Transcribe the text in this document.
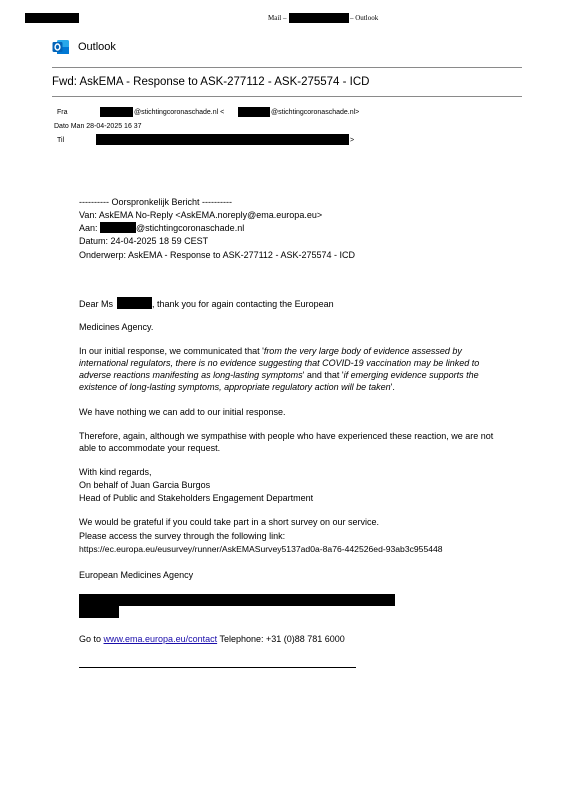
Mail –	– Outlook
Outlook
Fwd: AskEMA - Response to ASK-277112 - ASK-275574 - ICD
Fra	@stichtingcoronaschade.nl <	@stichtingcoronaschade.nl>
Dato Man 28-04-2025 16 37
Til	>
---------- Oorspronkelijk Bericht ----------
Van: AskEMA No-Reply <AskEMA.noreply@ema.europa.eu>
Aan:	@stichtingcoronaschade.nl
Datum: 24-04-2025 18 59 CEST
Onderwerp: AskEMA - Response to ASK-277112 - ASK-275574 - ICD
Dear Ms	, thank you for again contacting the European
Medicines Agency.
In our initial response, we communicated that 'from the very large body of evidence assessed by international regulators, there is no evidence suggesting that COVID-19 vaccination may be linked to adverse reactions manifesting as long-lasting symptoms' and that 'if emerging evidence supports the existence of long-lasting symptoms, appropriate regulatory action will be taken'.
We have nothing we can add to our initial response.
Therefore, again, although we sympathise with people who have experienced these reaction, we are not able to accommodate your request.
With kind regards,
On behalf of Juan Garcia Burgos
Head of Public and Stakeholders Engagement Department
We would be grateful if you could take part in a short survey on our service.
Please access the survey through the following link:
https://ec.europa.eu/eusurvey/runner/AskEMASurvey5137ad0a-8a76-442526ed-93ab3c955448
European Medicines Agency
Go to www.ema.europa.eu/contact Telephone: +31 (0)88 781 6000
